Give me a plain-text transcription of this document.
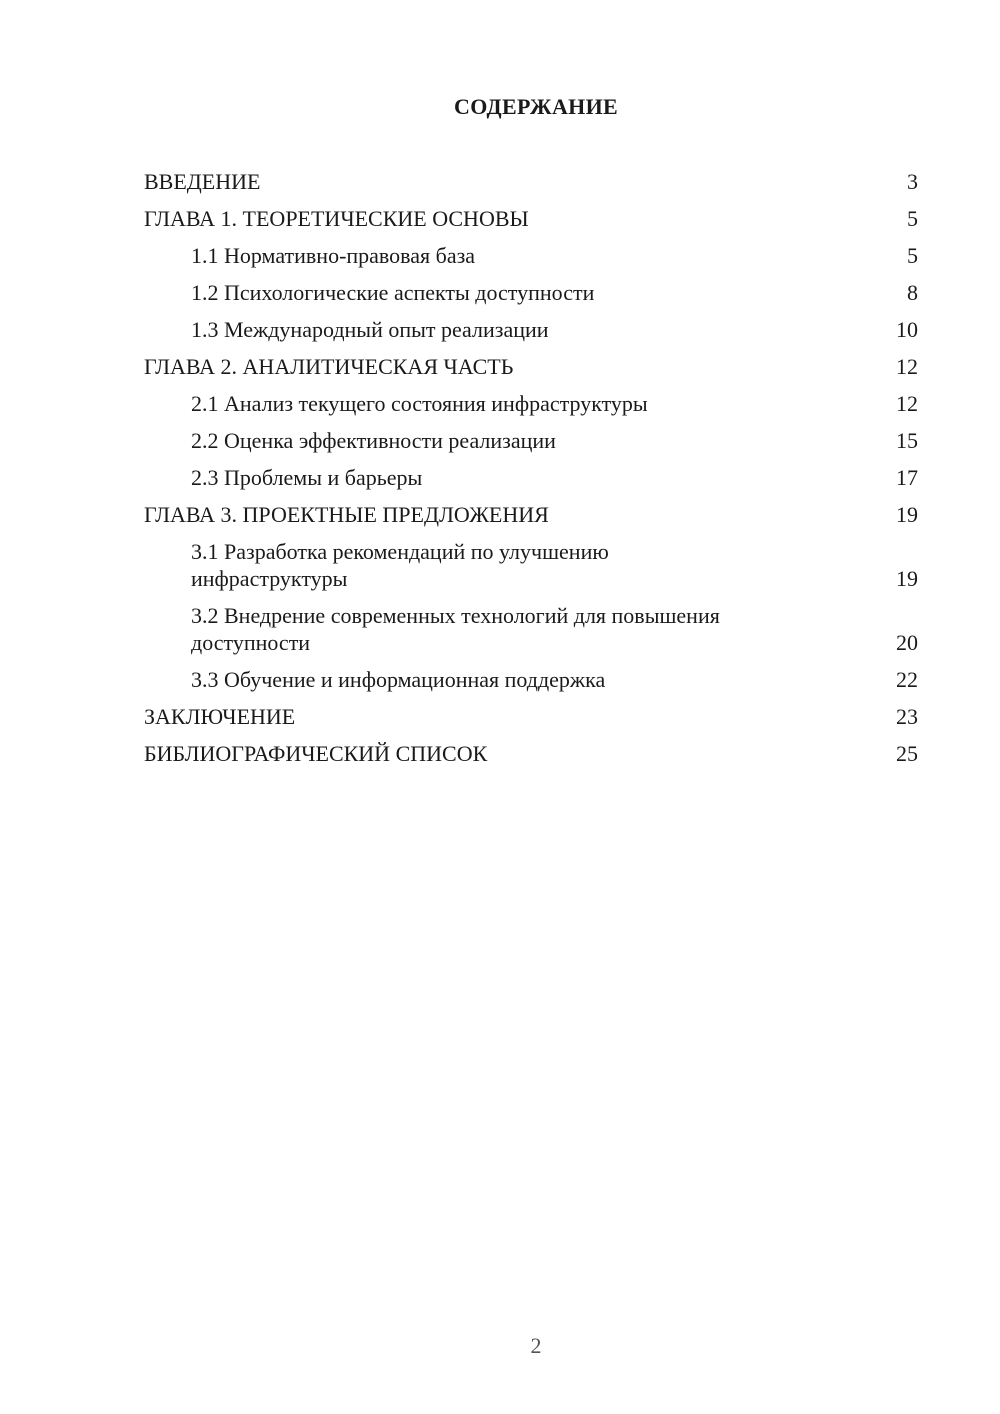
СОДЕРЖАНИЕ
ВВЕДЕНИЕ	3
ГЛАВА 1. ТЕОРЕТИЧЕСКИЕ ОСНОВЫ	5
1.1 Нормативно-правовая база	5
1.2 Психологические аспекты доступности	8
1.3 Международный опыт реализации	10
ГЛАВА 2. АНАЛИТИЧЕСКАЯ ЧАСТЬ	12
2.1 Анализ текущего состояния инфраструктуры	12
2.2 Оценка эффективности реализации	15
2.3 Проблемы и барьеры	17
ГЛАВА 3. ПРОЕКТНЫЕ ПРЕДЛОЖЕНИЯ	19
3.1 Разработка рекомендаций по улучшению инфраструктуры	19
3.2 Внедрение современных технологий для повышения доступности	20
3.3 Обучение и информационная поддержка	22
ЗАКЛЮЧЕНИЕ	23
БИБЛИОГРАФИЧЕСКИЙ СПИСОК	25
2
